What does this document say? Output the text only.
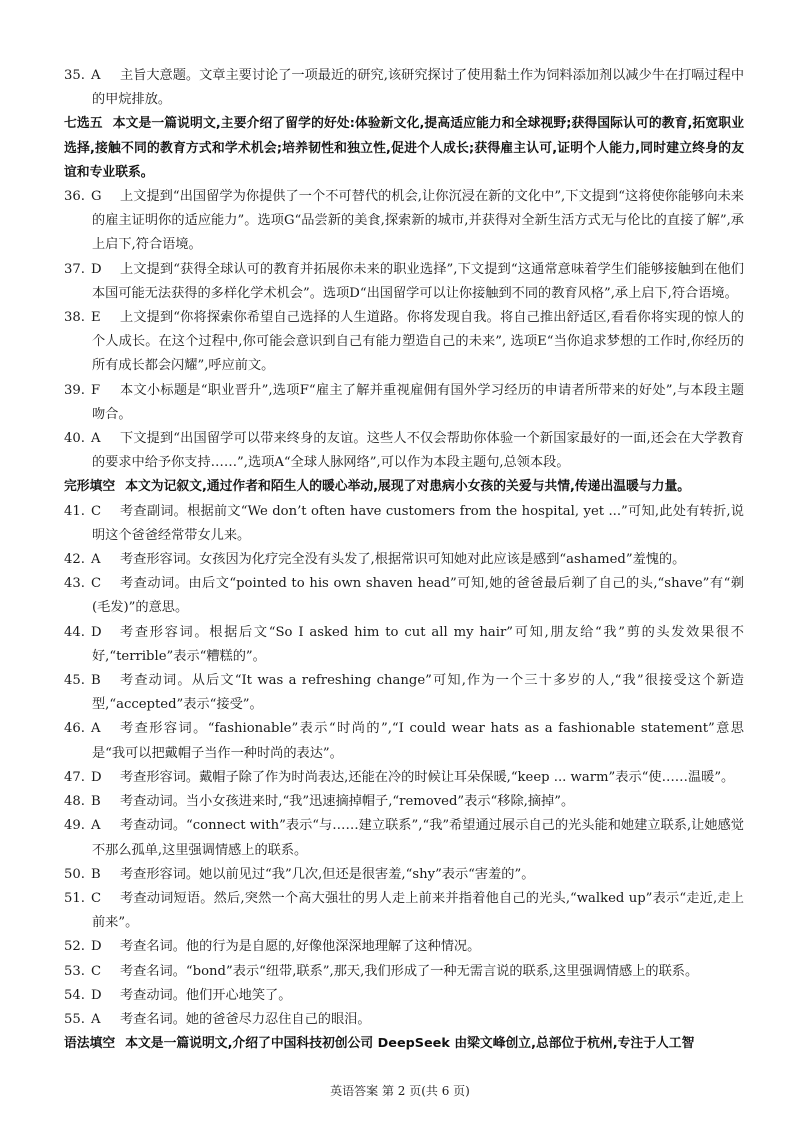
35. A	主旨大意题。文章主要讨论了一项最近的研究,该研究探讨了使用黏土作为饲料添加剂以减少牛在打嗝过程中的甲烷排放。
七选五 本文是一篇说明文,主要介绍了留学的好处:体验新文化,提高适应能力和全球视野;获得国际认可的教育,拓宽职业选择,接触不同的教育方式和学术机会;培养韧性和独立性,促进个人成长;获得雇主认可,证明个人能力,同时建立终身的友谊和专业联系。
36. G	上文提到“出国留学为你提供了一个不可替代的机会,让你沉浸在新的文化中”,下文提到“这将使你能够向未来的雇主证明你的适应能力”。选项G“品尝新的美食,探索新的城市,并获得对全新生活方式无与伦比的直接了解”,承上启下,符合语境。
37. D	上文提到“获得全球认可的教育并拓展你未来的职业选择”,下文提到“这通常意味着学生们能够接触到在他们本国可能无法获得的多样化学术机会”。选项D“出国留学可以让你接触到不同的教育风格”,承上启下,符合语境。
38. E	上文提到“你将探索你希望自己选择的人生道路。你将发现自我。将自己推出舒适区,看看你将实现的惊人的个人成长。在这个过程中,你可能会意识到自己有能力塑造自己的未来”, 选项E“当你追求梦想的工作时,你经历的所有成长都会闪耀”,呼应前文。
39. F	本文小标题是“职业晋升”,选项F“雇主了解并重视雇佣有国外学习经历的申请者所带来的好处”,与本段主题吻合。
40. A	下文提到“出国留学可以带来终身的友谊。这些人不仅会帮助你体验一个新国家最好的一面,还会在大学教育的要求中给予你支持……”,选项A“全球人脉网络”,可以作为本段主题句,总领本段。
完形填空 本文为记叙文,通过作者和陌生人的暖心举动,展现了对患病小女孩的关爱与共情,传递出温暖与力量。
41. C	考查副词。根据前文“We don’t often have customers from the hospital, yet ...”可知,此处有转折,说明这个爸爸经常带女儿来。
42. A	考查形容词。女孩因为化疗完全没有头发了,根据常识可知她对此应该是感到“ashamed”羞愧的。
43. C	考查动词。由后文“pointed to his own shaven head”可知,她的爸爸最后剃了自己的头,“shave”有“剃(毛发)”的意思。
44. D	考查形容词。根据后文“So I asked him to cut all my hair”可知,朋友给“我”剪的头发效果很不好,“terrible”表示“糟糕的”。
45. B	考查动词。从后文“It was a refreshing change”可知,作为一个三十多岁的人,“我”很接受这个新造型,“accepted”表示“接受”。
46. A	考查形容词。“fashionable”表示“时尚的”,“I could wear hats as a fashionable statement”意思是“我可以把戴帽子当作一种时尚的表达”。
47. D	考查形容词。戴帽子除了作为时尚表达,还能在冷的时候让耳朵保暖,“keep ... warm”表示“使……温暖”。
48. B	考查动词。当小女孩进来时,“我”迅速摘掉帽子,“removed”表示“移除,摘掉”。
49. A	考查动词。“connect with”表示“与……建立联系”,“我”希望通过展示自己的光头能和她建立联系,让她感觉不那么孤单,这里强调情感上的联系。
50. B	考查形容词。她以前见过“我”几次,但还是很害羞,“shy”表示“害羞的”。
51. C	考查动词短语。然后,突然一个高大强壮的男人走上前来并指着他自己的光头,“walked up”表示“走近,走上前来”。
52. D	考查名词。他的行为是自愿的,好像他深深地理解了这种情况。
53. C	考查名词。“bond”表示“纽带,联系”,那天,我们形成了一种无需言说的联系,这里强调情感上的联系。
54. D	考查动词。他们开心地笑了。
55. A	考查名词。她的爸爸尽力忍住自己的眼泪。
语法填空 本文是一篇说明文,介绍了中国科技初创公司 DeepSeek 由梁文峰创立,总部位于杭州,专注于人工智
英语答案 第 2 页(共 6 页)
